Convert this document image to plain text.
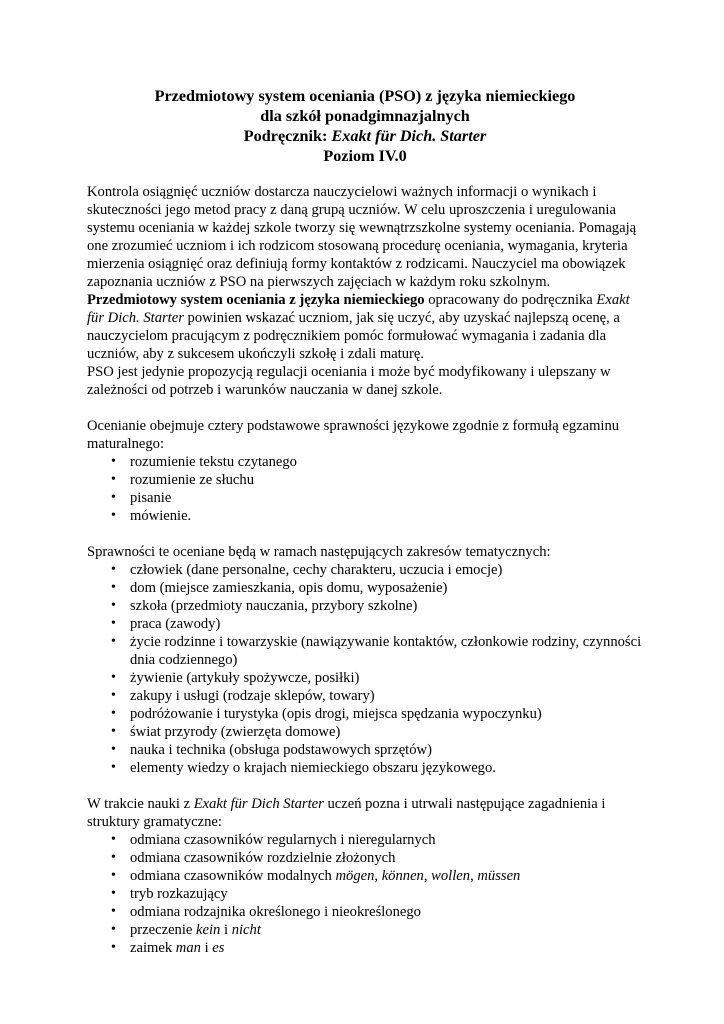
Przedmiotowy system oceniania (PSO) z języka niemieckiego

dla szkół ponadgimnazjalnych

Podręcznik: Exakt für Dich. Starter

Poziom IV.0

Kontrola osiągnięć uczniów dostarcza nauczycielowi ważnych informacji o wynikach i skuteczności jego metod pracy z daną grupą uczniów. W celu uproszczenia i uregulowania systemu oceniania w każdej szkole tworzy się wewnątrzszkolne systemy oceniania. Pomagają one zrozumieć uczniom i ich rodzicom stosowaną procedurę oceniania, wymagania, kryteria mierzenia osiągnięć oraz definiują formy kontaktów z rodzicami. Nauczyciel ma obowiązek zapoznania uczniów z PSO na pierwszych zajęciach w każdym roku szkolnym.

Przedmiotowy system oceniania z języka niemieckiego opracowany do podręcznika Exakt für Dich. Starter powinien wskazać uczniom, jak się uczyć, aby uzyskać najlepszą ocenę, a nauczycielom pracującym z podręcznikiem pomóc formułować wymagania i zadania dla uczniów, aby z sukcesem ukończyli szkołę i zdali maturę.

PSO jest jedynie propozycją regulacji oceniania i może być modyfikowany i ulepszany w zależności od potrzeb i warunków nauczania w danej szkole.

Ocenianie obejmuje cztery podstawowe sprawności językowe zgodnie z formułą egzaminu maturalnego:

• rozumienie tekstu czytanego
• rozumienie ze słuchu
• pisanie
• mówienie.

Sprawności te oceniane będą w ramach następujących zakresów tematycznych:

• człowiek (dane personalne, cechy charakteru, uczucia i emocje)
• dom (miejsce zamieszkania, opis domu, wyposażenie)
• szkoła (przedmioty nauczania, przybory szkolne)
• praca (zawody)
• życie rodzinne i towarzyskie (nawiązywanie kontaktów, członkowie rodziny, czynności dnia codziennego)
• żywienie (artykuły spożywcze, posiłki)
• zakupy i usługi (rodzaje sklepów, towary)
• podróżowanie i turystyka (opis drogi, miejsca spędzania wypoczynku)
• świat przyrody (zwierzęta domowe)
• nauka i technika (obsługa podstawowych sprzętów)
• elementy wiedzy o krajach niemieckiego obszaru językowego.

W trakcie nauki z Exakt für Dich Starter uczeń pozna i utrwali następujące zagadnienia i struktury gramatyczne:

• odmiana czasowników regularnych i nieregularnych
• odmiana czasowników rozdzielnie złożonych
• odmiana czasowników modalnych mögen, können, wollen, müssen
• tryb rozkazujący
• odmiana rodzajnika określonego i nieokreślonego
• przeczenie kein i nicht
• zaimek man i es
